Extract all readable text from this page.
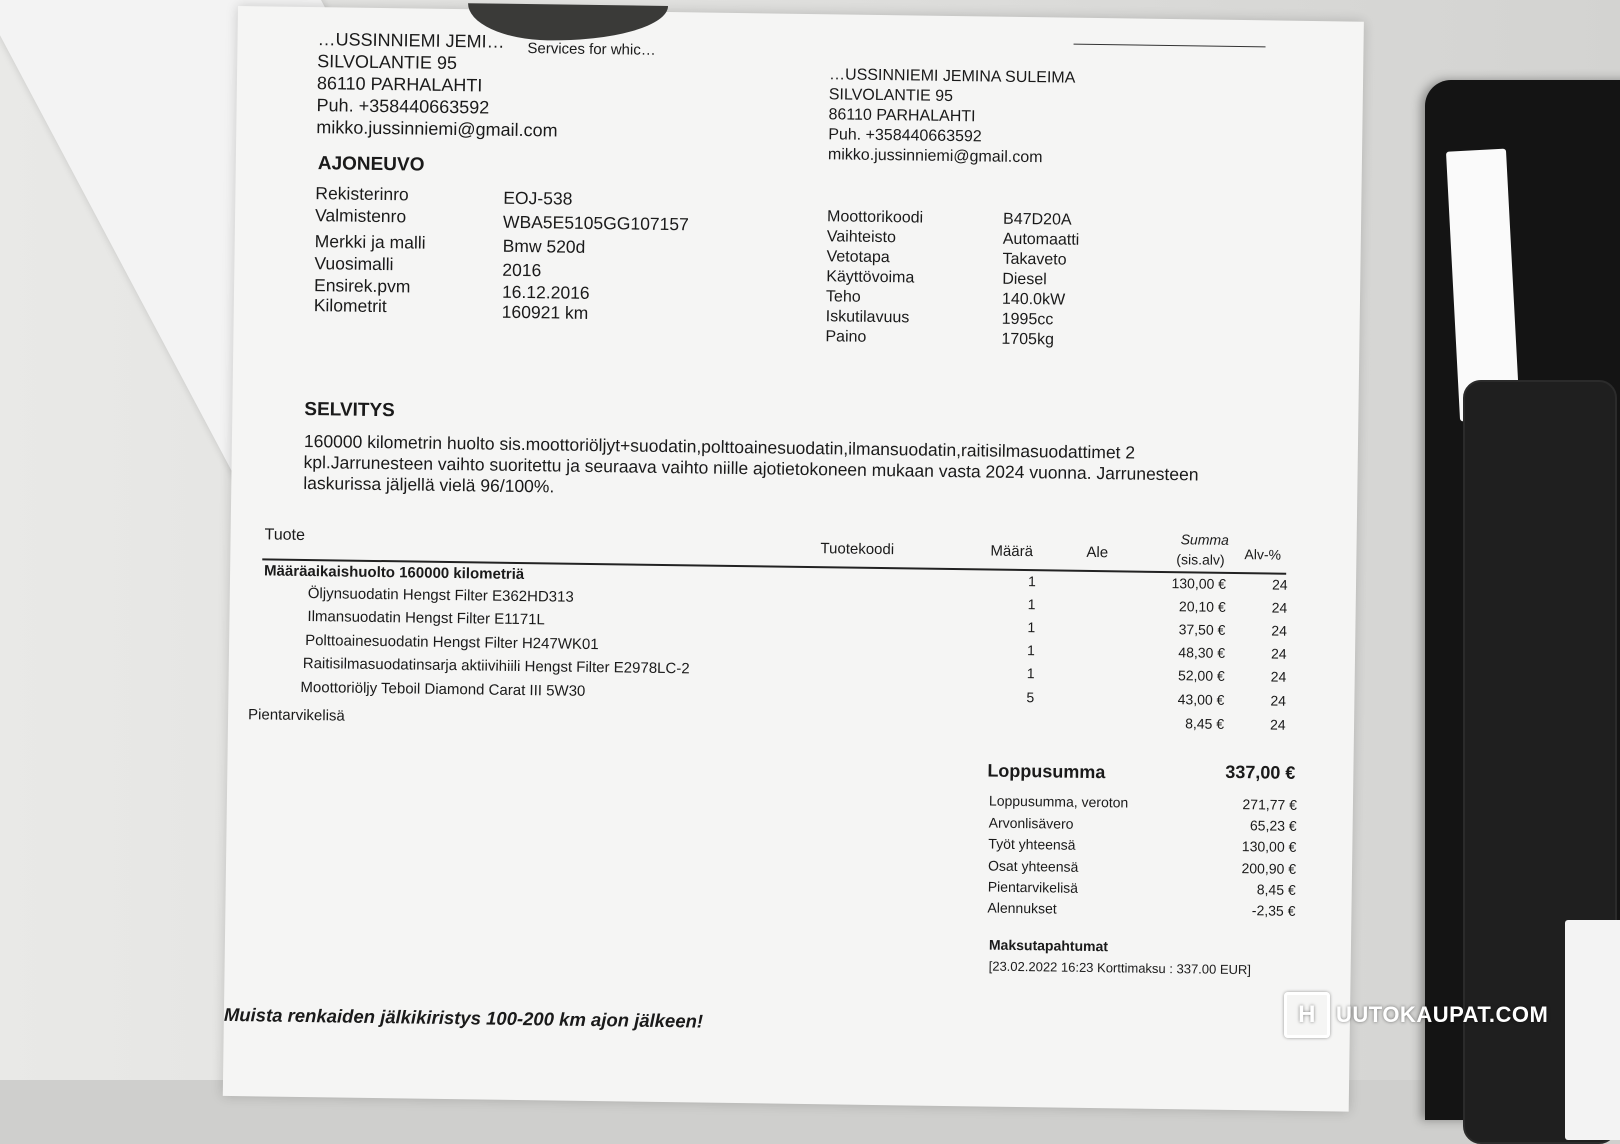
…USSINNIEMI JEMI… Services for whic…
SILVOLANTIE 95
86110 PARHALAHTI
Puh. +358440663592
mikko.jussinniemi@gmail.com
…USSINNIEMI JEMINA SULEIMA
SILVOLANTIE 95
86110 PARHALAHTI
Puh. +358440663592
mikko.jussinniemi@gmail.com
AJONEUVO
Rekisterinro	EOJ-538
Valmistenro	WBA5E5105GG107157
Merkki ja malli	Bmw 520d
Vuosimalli	2016
Ensirek.pvm	16.12.2016
Kilometrit	160921 km
Moottorikoodi	B47D20A
Vaihteisto	Automaatti
Vetotapa	Takaveto
Käyttövoima	Diesel
Teho	140.0kW
Iskutilavuus	1995cc
Paino	1705kg
SELVITYS
160000 kilometrin huolto sis.moottoriöljyt+suodatin,polttoainesuodatin,ilmansuodatin,raitisilmasuodattimet 2 kpl.Jarrunesteen vaihto suoritettu ja seuraava vaihto niille ajotietokoneen mukaan vasta 2024 vuonna. Jarrunesteen laskurissa jäljellä vielä 96/100%.
Tuote
Tuotekoodi	Määrä	Ale
Summa
(sis.alv) Alv-%
Määräaikaishuolto 160000 kilometriä	1	130,00 €	24
Öljynsuodatin Hengst Filter E362HD313	1	20,10 €	24
Ilmansuodatin Hengst Filter E1171L	1	37,50 €	24
Polttoainesuodatin Hengst Filter H247WK01	1	48,30 €	24
Raitisilmasuodatinsarja aktiivihiili Hengst Filter E2978LC-2	1	52,00 €	24
Moottoriöljy Teboil Diamond Carat III 5W30	5	43,00 €	24
Pientarvikelisä	8,45 €	24
Loppusumma	337,00 €
Loppusumma, veroton	271,77 €
Arvonlisävero	65,23 €
Työt yhteensä	130,00 €
Osat yhteensä	200,90 €
Pientarvikelisä	8,45 €
Alennukset	-2,35 €
Maksutapahtumat
[23.02.2022 16:23 Korttimaksu : 337.00 EUR]
Muista renkaiden jälkikiristys 100-200 km ajon jälkeen!	H UUTOKAUPAT.COM
